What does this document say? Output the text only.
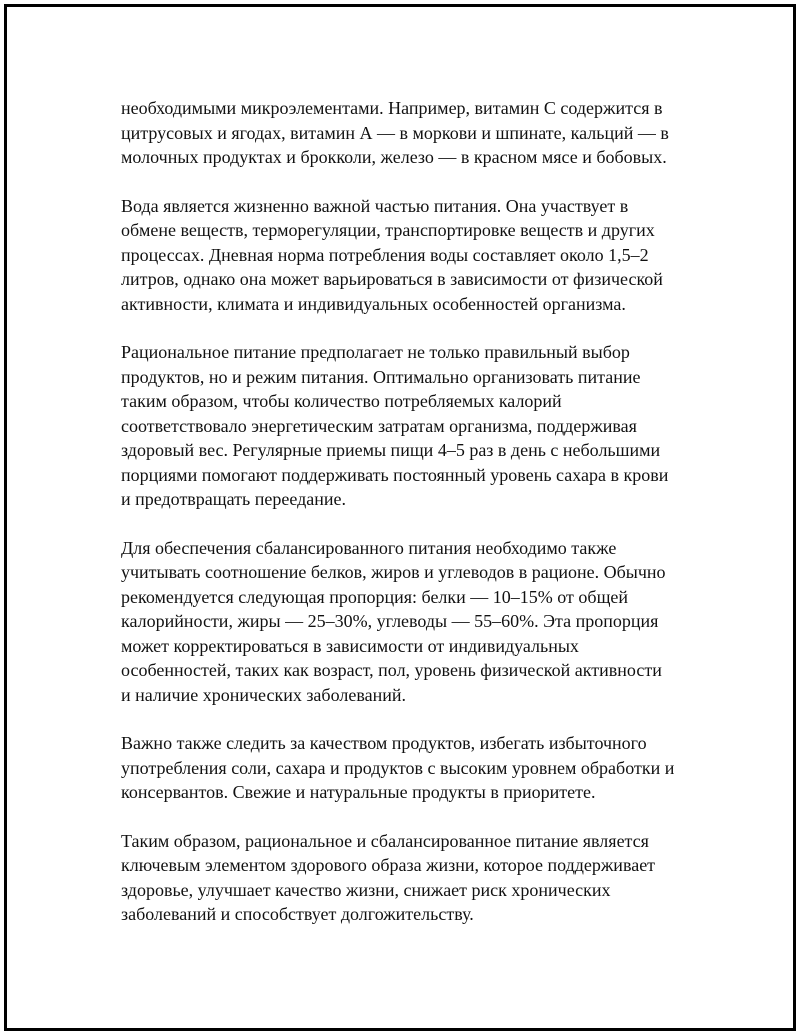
необходимыми микроэлементами. Например, витамин С содержится в
цитрусовых и ягодах, витамин А — в моркови и шпинате, кальций — в
молочных продуктах и брокколи, железо — в красном мясе и бобовых.

Вода является жизненно важной частью питания. Она участвует в
обмене веществ, терморегуляции, транспортировке веществ и других
процессах. Дневная норма потребления воды составляет около 1,5–2
литров, однако она может варьироваться в зависимости от физической
активности, климата и индивидуальных особенностей организма.

Рациональное питание предполагает не только правильный выбор
продуктов, но и режим питания. Оптимально организовать питание
таким образом, чтобы количество потребляемых калорий
соответствовало энергетическим затратам организма, поддерживая
здоровый вес. Регулярные приемы пищи 4–5 раз в день с небольшими
порциями помогают поддерживать постоянный уровень сахара в крови
и предотвращать переедание.

Для обеспечения сбалансированного питания необходимо также
учитывать соотношение белков, жиров и углеводов в рационе. Обычно
рекомендуется следующая пропорция: белки — 10–15% от общей
калорийности, жиры — 25–30%, углеводы — 55–60%. Эта пропорция
может корректироваться в зависимости от индивидуальных
особенностей, таких как возраст, пол, уровень физической активности
и наличие хронических заболеваний.

Важно также следить за качеством продуктов, избегать избыточного
употребления соли, сахара и продуктов с высоким уровнем обработки и
консервантов. Свежие и натуральные продукты в приоритете.

Таким образом, рациональное и сбалансированное питание является
ключевым элементом здорового образа жизни, которое поддерживает
здоровье, улучшает качество жизни, снижает риск хронических
заболеваний и способствует долгожительству.
